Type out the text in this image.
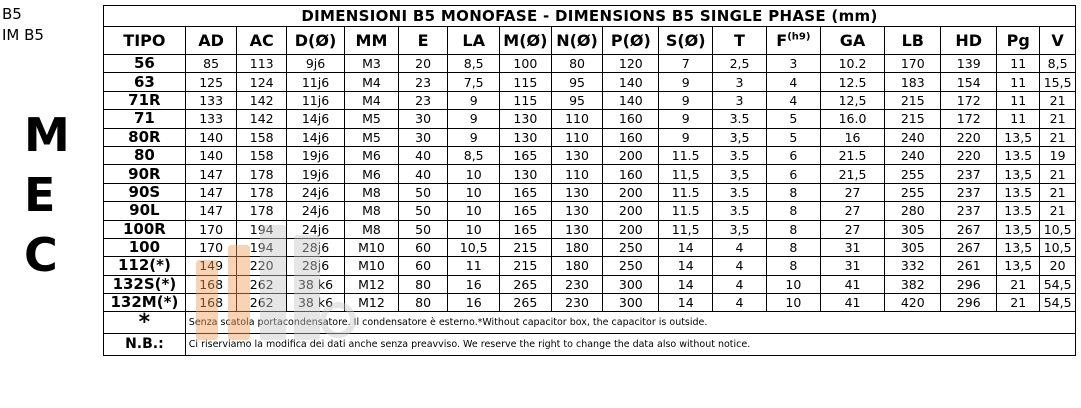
B5
IM B5
M
E
C
DIMENSIONI B5 MONOFASE - DIMENSIONS B5 SINGLE PHASE (mm)																	
TIPO	AD	AC	D(Ø)	MM	E	LA	M(Ø)	N(Ø)	P(Ø)	S(Ø)	T	$F^{(h9)}$	GA	LB	HD	Pg	V
56	85	113	9j6	M3	20	8,5	100	80	120	7	2,5	3	10.2	170	139	11	8,5
63	125	124	11j6	M4	23	7,5	115	95	140	9	3	4	12.5	183	154	11	15,5
71R	133	142	11j6	M4	23	9	115	95	140	9	3	4	12,5	215	172	11	21
71	133	142	14j6	M5	30	9	130	110	160	9	3.5	5	16.0	215	172	11	21
80R	140	158	14j6	M5	30	9	130	110	160	9	3,5	5	16	240	220	13,5	21
80	140	158	19j6	M6	40	8,5	165	130	200	11.5	3.5	6	21.5	240	220	13.5	19
90R	147	178	19j6	M6	40	10	130	110	160	11,5	3,5	6	21,5	255	237	13,5	21
90S	147	178	24j6	M8	50	10	165	130	200	11.5	3.5	8	27	255	237	13.5	21
90L	147	178	24j6	M8	50	10	165	130	200	11.5	3.5	8	27	280	237	13.5	21
100R	170	194	24j6	M8	50	10	165	130	200	11,5	3,5	8	27	305	267	13,5	10,5
100	170	194	28j6	M10	60	10,5	215	180	250	14	4	8	31	305	267	13,5	10,5
112(*)	149	220	28j6	M10	60	11	215	180	250	14	4	8	31	332	261	13,5	20
132S(*)	168	262	38 k6	M12	80	16	265	230	300	14	4	10	41	382	296	21	54,5
132M(*)	168	262	38 k6	M12	80	16	265	230	300	14	4	10	41	420	296	21	54,5
*	Senza scatola portacondensatore. Il condensatore è esterno.*Without capacitor box, the capacitor is outside.																
N.B.:	Ci riserviamo la modifica dei dati anche senza preavviso. We reserve the right to change the data also without notice.																
